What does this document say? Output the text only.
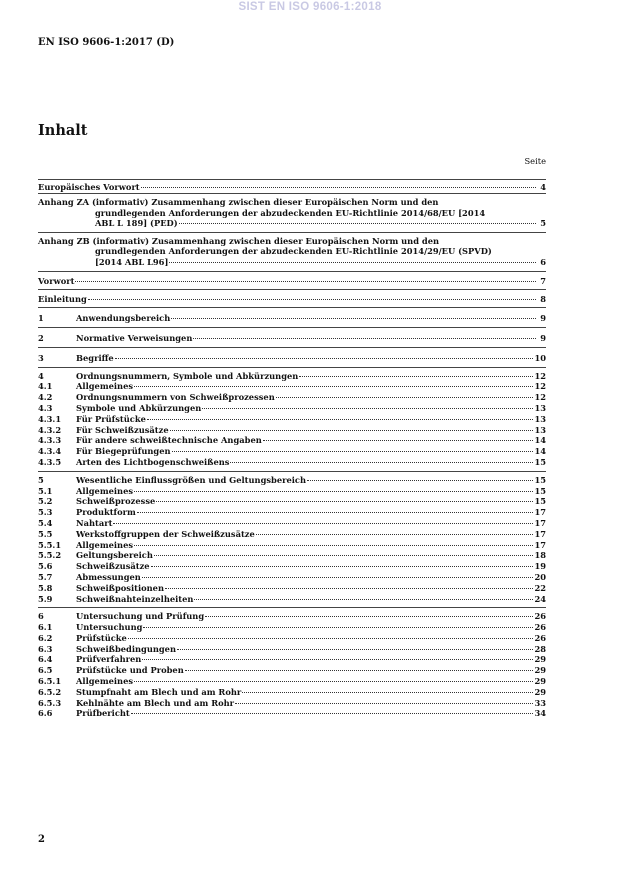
SIST EN ISO 9606-1:2018
EN ISO 9606-1:2017 (D)
Inhalt
Seite
Europäisches Vorwort	4
Anhang ZA (informativ) Zusammenhang zwischen dieser Europäischen Norm und den
grundlegenden Anforderungen der abzudeckenden EU-Richtlinie 2014/68/EU [2014
ABL L 189] (PED)	5
Anhang ZB (informativ) Zusammenhang zwischen dieser Europäischen Norm und den
grundlegenden Anforderungen der abzudeckenden EU-Richtlinie 2014/29/EU (SPVD)
[2014 ABL L96]	6
Vorwort	7
Einleitung	8
1	Anwendungsbereich	9
2	Normative Verweisungen	9
3	Begriffe	10
4	Ordnungsnummern, Symbole und Abkürzungen	12
4.1	Allgemeines	12
4.2	Ordnungsnummern von Schweißprozessen	12
4.3	Symbole und Abkürzungen	13
4.3.1	Für Prüfstücke	13
4.3.2	Für Schweißzusätze	13
4.3.3	Für andere schweißtechnische Angaben	14
4.3.4	Für Biegeprüfungen	14
4.3.5	Arten des Lichtbogenschweißens	15
5	Wesentliche Einflussgrößen und Geltungsbereich	15
5.1	Allgemeines	15
5.2	Schweißprozesse	15
5.3	Produktform	17
5.4	Nahtart	17
5.5	Werkstoffgruppen der Schweißzusätze	17
5.5.1	Allgemeines	17
5.5.2	Geltungsbereich	18
5.6	Schweißzusätze	19
5.7	Abmessungen	20
5.8	Schweißpositionen	22
5.9	Schweißnahteinzelheiten	24
6	Untersuchung und Prüfung	26
6.1	Untersuchung	26
6.2	Prüfstücke	26
6.3	Schweißbedingungen	28
6.4	Prüfverfahren	29
6.5	Prüfstücke und Proben	29
6.5.1	Allgemeines	29
6.5.2	Stumpfnaht am Blech und am Rohr	29
6.5.3	Kehlnähte am Blech und am Rohr	33
6.6	Prüfbericht	34
2
